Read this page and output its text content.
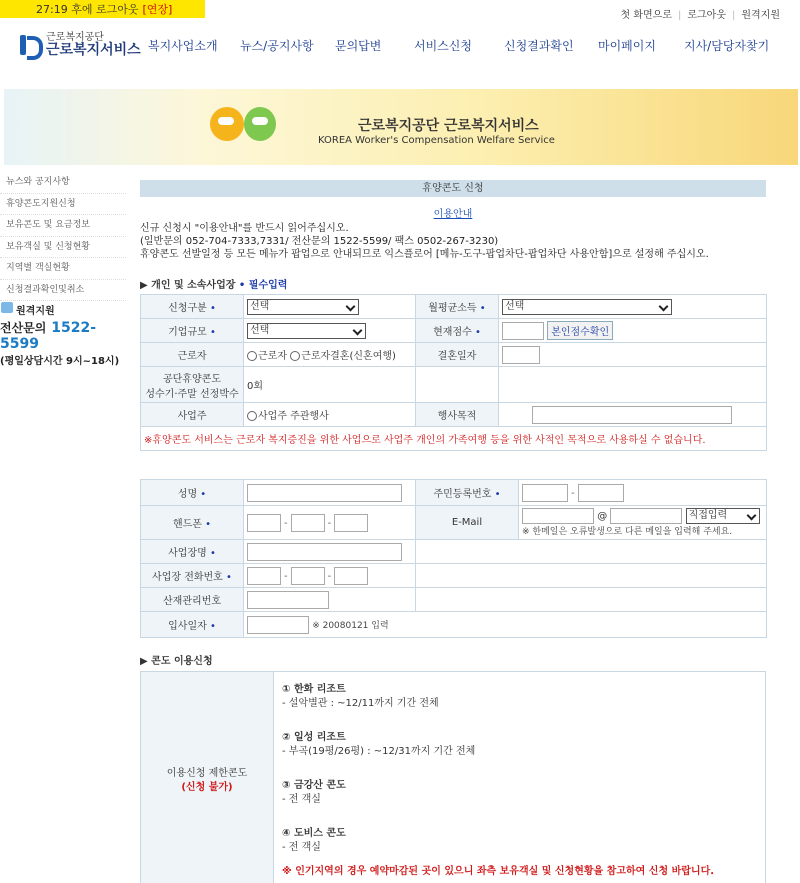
27:19 후에 로그아웃 [연장]	첫 화면으로 | 로그아웃 | 원격지원
근로복지공단
근로복지서비스 복지사업소개	뉴스/공지사항	문의답변	서비스신청	신청결과확인	마이페이지	지사/담당자찾기
근로복지공단 근로복지서비스
KOREA Worker's Compensation Welfare Service
뉴스와 공지사항
휴양콘도지원신청
보유콘도 및 요금정보
보유객실 및 신청현황
지역별 객실현황
신청결과확인및취소
원격지원
전산문의 1522-5599
(평일상담시간 9시~18시)
휴양콘도 신청
이용안내
신규 신청시 "이용안내"를 반드시 읽어주십시오.
(일반문의 052-704-7333,7331/ 전산문의 1522-5599/ 팩스 0502-267-3230)
휴양콘도 선발일정 등 모든 메뉴가 팝업으로 안내되므로 익스플로어 [메뉴-도구-팝업차단-팝업차단 사용안함]으로 설정해 주십시오.
▶ 개인 및 소속사업장 • 필수입력
신청구분 •	선택	월평균소득 •	선택
기업규모 •	선택	현재점수 •	본인점수확인
근로자	근로자 근로자결혼(신혼여행)	결혼일자	
공단휴양콘도
성수기·주말 선정박수	0회		
사업주	사업주 주관행사	행사목적	
※휴양콘도 서비스는 근로자 복지증진을 위한 사업으로 사업주 개인의 가족여행 등을 위한 사적인 목적으로 사용하실 수 없습니다.			
성명 •		주민등록번호 •	-
핸드폰 •	- -	E-Mail	@ 직접입력
※ 한메일은 오류발생으로 다른 메일을 입력해 주세요.

사업장명 •			
사업장 전화번호 •	- -		
산재관리번호			
입사일자 •	※ 20080121 입력		
▶ 콘도 이용신청
이용신청 제한콘도
(신청 불가)

① 한화 리조트
- 설악별관 : ~12/11까지 기간 전체
② 일성 리조트
- 부곡(19평/26평) : ~12/31까지 기간 전체
③ 금강산 콘도
- 전 객실
④ 도비스 콘도
- 전 객실
※ 인기지역의 경우 예약마감된 곳이 있으니 좌측 보유객실 및 신청현황을 참고하여 신청 바랍니다.
